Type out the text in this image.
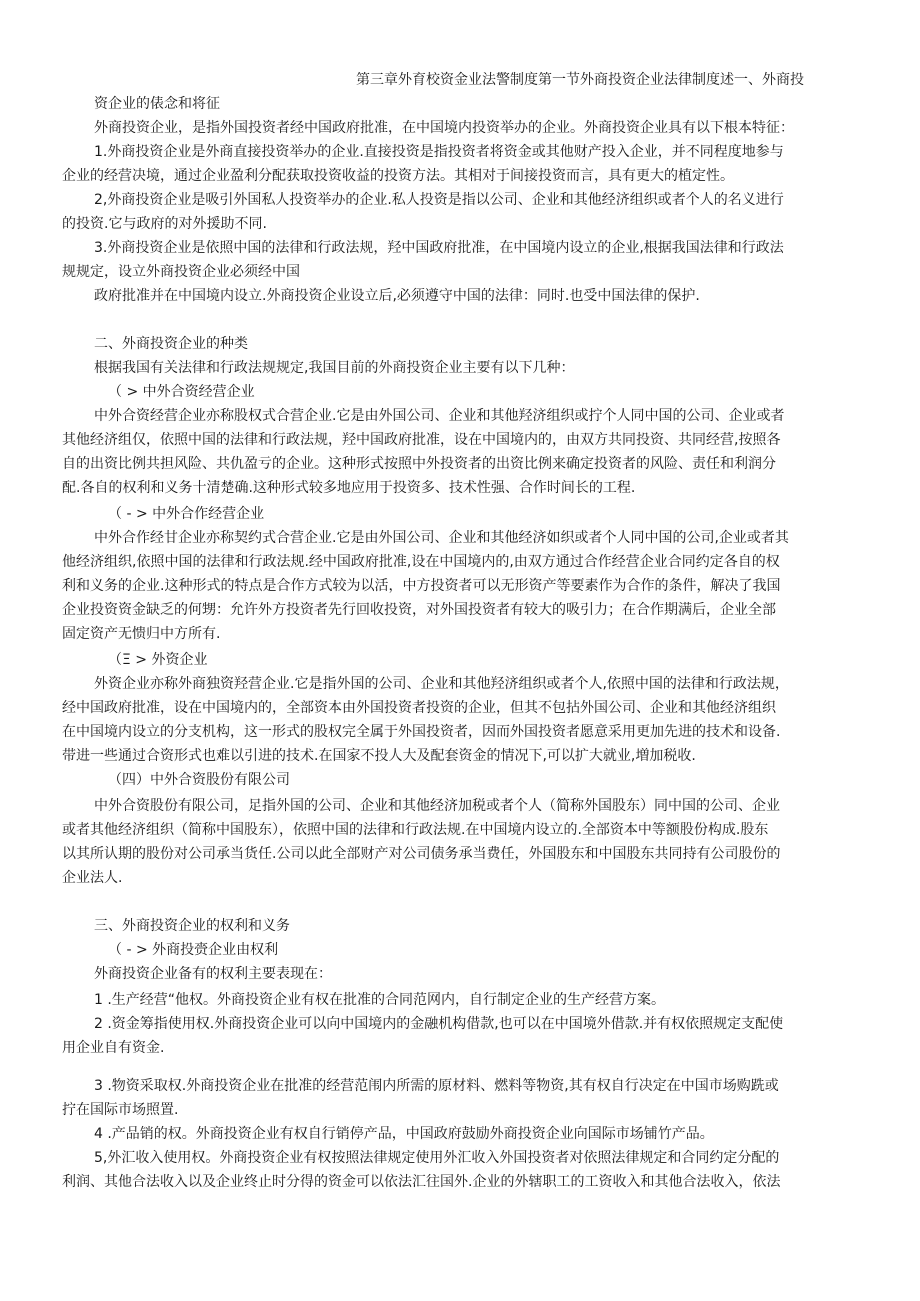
第三章外育校资金业法警制度第一节外商投资企业法律制度述一、外商投
资企业的俵念和将征
外商投资企业，是指外国投资者经中国政府批准，在中国境内投资举办的企业。外商投资企业具有以下根本特征：
1.外商投资企业是外商直接投资举办的企业.直接投资是指投资者将资金或其他财产投入企业，并不同程度地参与
企业的经营决境，通过企业盈利分配获取投资收益的投资方法。其相对于间接投资而言，具有更大的植定性。
2,外商投资企业是吸引外国私人投资举办的企业.私人投资是指以公司、企业和其他经济组织或者个人的名义进行
的投资.它与政府的对外援助不同.
3.外商投资企业是依照中国的法律和行政法规，羟中国政府批准，在中国境内设立的企业,根据我国法律和行政法
规规定，设立外商投资企业必须经中国
政府批准并在中国境内设立.外商投资企业设立后,必须遵守中国的法律：同时.也受中国法律的保护.
二、外商投资企业的种类
根据我国有关法律和行政法规规定,我国目前的外商投资企业主要有以下几种：
（ > 中外合资经营企业
中外合资经营企业亦称股权式合营企业.它是由外国公司、企业和其他羟济组织或拧个人同中国的公司、企业或者
其他经济组仅，依照中国的法律和行政法规，羟中国政府批准，设在中国境内的，由双方共同投资、共同经营,按照各
自的出资比例共担风险、共仇盈亏的企业。这种形式按照中外投资者的出资比例来确定投资者的风险、责任和利润分
配.各自的权利和义务十清楚确.这种形式较多地应用于投资多、技术性强、合作时间长的工程.
（ - > 中外合作经营企业
中外合作经甘企业亦称契约式合营企业.它是由外国公司、企业和其他经济如织或者个人同中国的公司,企业或者其
他经济组织,依照中国的法律和行政法规.经中国政府批准,设在中国境内的,由双方通过合作经营企业合同约定各自的权
利和义务的企业.这种形式的特点是合作方式较为以活，中方投资者可以无形资产等要素作为合作的条件，解决了我国
企业投资资金缺乏的何甥：允许外方投资者先行回收投资，对外国投资者有较大的吸引力；在合作期满后，企业全部
固定资产无愦归中方所有.
（Ξ > 外资企业
外资企业亦称外商独资羟营企业.它是指外国的公司、企业和其他羟济组织或者个人,依照中国的法律和行政法规，
经中国政府批准，设在中国境内的，全部资本由外国投资者投资的企业，但其不包拈外国公司、企业和其他经济组织
在中国境内设立的分支机构，这一形式的股权完全属于外国投资者，因而外国投资者愿意采用更加先进的技术和设备.
带进一些通过合资形式也难以引进的技术.在国家不投人大及配套资金的情况下,可以扩大就业,増加税收.
（四）中外合资股份有限公司
中外合资股份有限公司，足指外国的公司、企业和其他经济加税或者个人（简称外国股东）同中国的公司、企业
或者其他经济组织（简称中国股东），依照中国的法律和行政法规.在中国境内设立的.全部资本中等额股份构成.股东
以其所认期的股份对公司承当货任.公司以此全部财产对公司债务承当费任，外国股东和中国股东共同持有公司股份的
企业法人.
三、外商投资企业的权利和义务
（ - > 外商投赍企业由权利
外商投资企业备有的权利主要表现在：
1 .生产经营“他权。外商投资企业有权在批准的合同范网内，自行制定企业的生产经营方案。
2 .资金筹指使用权.外商投资企业可以向中国境内的金融机构借款,也可以在中国境外借款.并有权依照规定支配使
用企业自有资金.
3 .物资采取权.外商投资企业在批准的经营范闱内所需的原材料、燃料等物资,其有权自行决定在中国市场购跣或
拧在国际市场照置.
4 .产品销的权。外商投资企业有权自行销停产品，中国政府鼓励外商投资企业向国际市场铺竹产品。
5,外汇收入使用权。外商投资企业有权按照法律规定使用外汇收入外国投资者对依照法律规定和合同约定分配的
利润、其他合法收入以及企业终止时分得的资金可以依法汇往国外.企业的外辖职工的工资收入和其他合法收入，依法
